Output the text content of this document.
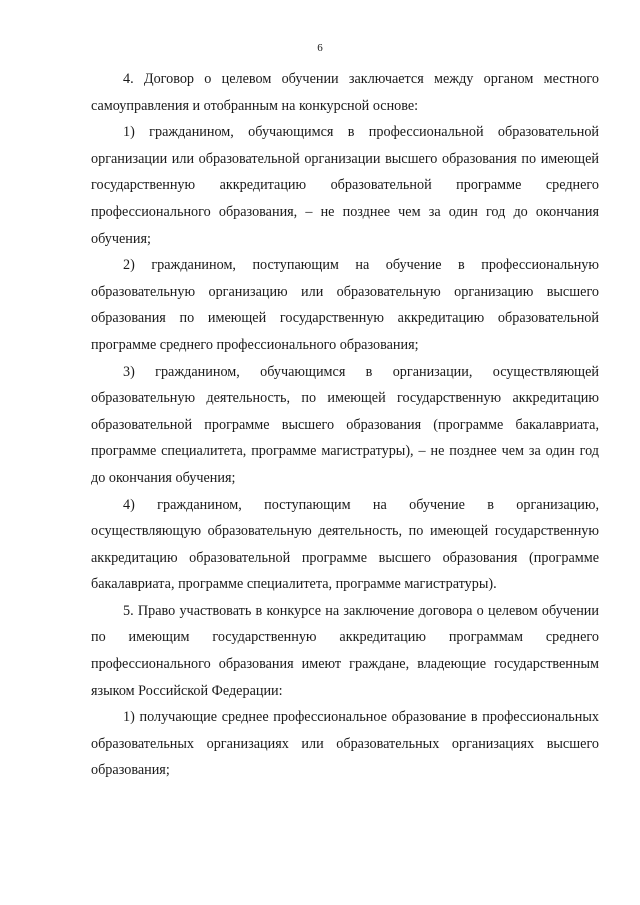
6

4. Договор о целевом обучении заключается между органом местного самоуправления и отобранным на конкурсной основе:

1) гражданином, обучающимся в профессиональной образовательной организации или образовательной организации высшего образования по имеющей государственную аккредитацию образовательной программе среднего профессионального образования, – не позднее чем за один год до окончания обучения;

2) гражданином, поступающим на обучение в профессиональную образовательную организацию или образовательную организацию высшего образования по имеющей государственную аккредитацию образовательной программе среднего профессионального образования;

3) гражданином, обучающимся в организации, осуществляющей образовательную деятельность, по имеющей государственную аккредитацию образовательной программе высшего образования (программе бакалавриата, программе специалитета, программе магистратуры), – не позднее чем за один год до окончания обучения;

4) гражданином, поступающим на обучение в организацию, осуществляющую образовательную деятельность, по имеющей государственную аккредитацию образовательной программе высшего образования (программе бакалавриата, программе специалитета, программе магистратуры).

5. Право участвовать в конкурсе на заключение договора о целевом обучении по имеющим государственную аккредитацию программам среднего профессионального образования имеют граждане, владеющие государственным языком Российской Федерации:

1) получающие среднее профессиональное образование в профессиональных образовательных организациях или образовательных организациях высшего образования;
